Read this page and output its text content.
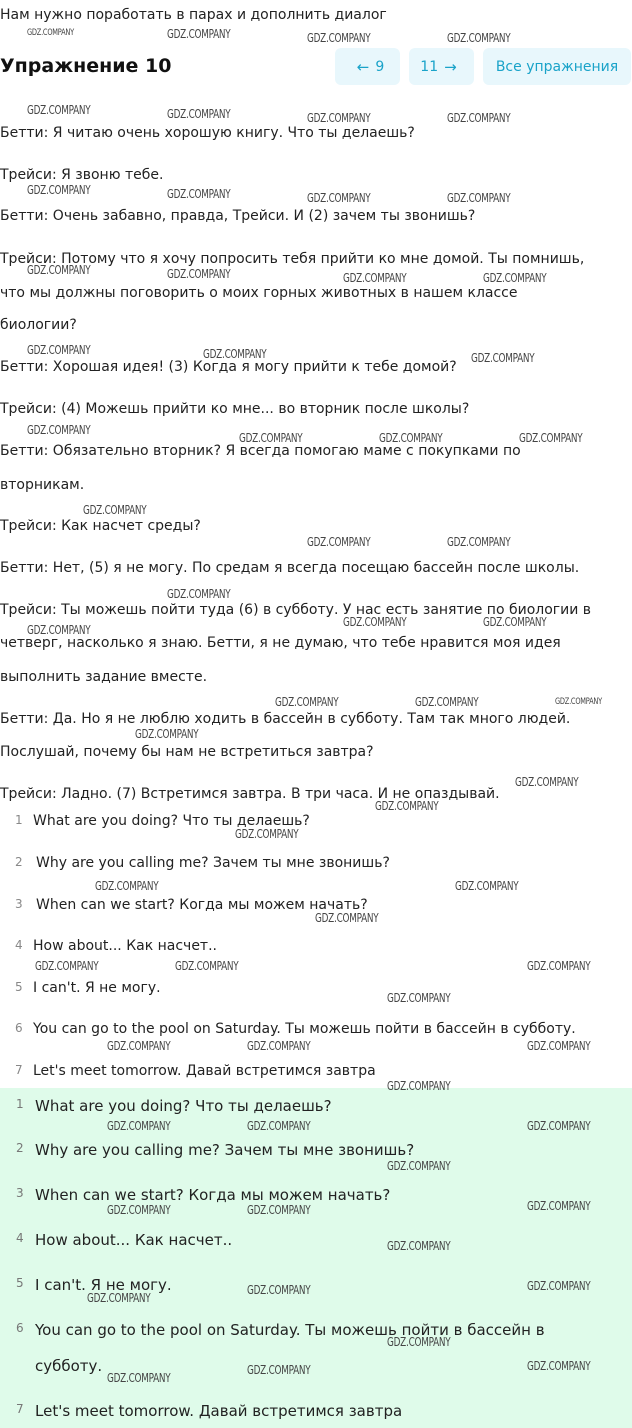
Нам нужно поработать в парах и дополнить диалог
Упражнение 10	← 9	11 →	Все упражнения
Бетти: Я читаю очень хорошую книгу. Что ты делаешь?
Трейси: Я звоню тебе.
Бетти: Очень забавно, правда, Трейси. И (2) зачем ты звонишь?
Трейси: Потому что я хочу попросить тебя прийти ко мне домой. Ты помнишь,
что мы должны поговорить о моих горных животных в нашем классе
биологии?
Бетти: Хорошая идея! (3) Когда я могу прийти к тебе домой?
Трейси: (4) Можешь прийти ко мне... во вторник после школы?
Бетти: Обязательно вторник? Я всегда помогаю маме с покупками по
вторникам.
Трейси: Как насчет среды?
Бетти: Нет, (5) я не могу. По средам я всегда посещаю бассейн после школы.
Трейси: Ты можешь пойти туда (6) в субботу. У нас есть занятие по биологии в
четверг, насколько я знаю. Бетти, я не думаю, что тебе нравится моя идея
выполнить задание вместе.
Бетти: Да. Но я не люблю ходить в бассейн в субботу. Там так много людей.
Послушай, почему бы нам не встретиться завтра?
Трейси: Ладно. (7) Встретимся завтра. В три часа. И не опаздывай.
1 What are you doing? Что ты делаешь?
2 Why are you calling me? Зачем ты мне звонишь?
3 When can we start? Когда мы можем начать?
4 How about... Как насчет..
5 I can't. Я не могу.
6 You can go to the pool on Saturday. Ты можешь пойти в бассейн в субботу.
7 Let's meet tomorrow. Давай встретимся завтра
1 What are you doing? Что ты делаешь?
2 Why are you calling me? Зачем ты мне звонишь?
3 When can we start? Когда мы можем начать?
4 How about... Как насчет..
5 I can't. Я не могу.
6 You can go to the pool on Saturday. Ты можешь пойти в бассейн в
субботу.
7 Let's meet tomorrow. Давай встретимся завтра
GDZ.COMPANY	GDZ.COMPANY	GDZ.COMPANY	GDZ.COMPANY
GDZ.COMPANY	GDZ.COMPANY	GDZ.COMPANY	GDZ.COMPANY
GDZ.COMPANY	GDZ.COMPANY	GDZ.COMPANY	GDZ.COMPANY
GDZ.COMPANY	GDZ.COMPANY	GDZ.COMPANY	GDZ.COMPANY
GDZ.COMPANY	GDZ.COMPANY	GDZ.COMPANY
GDZ.COMPANY
GDZ.COMPANY	GDZ.COMPANY	GDZ.COMPANY
GDZ.COMPANY
GDZ.COMPANY	GDZ.COMPANY
GDZ.COMPANY
GDZ.COMPANY	GDZ.COMPANY
GDZ.COMPANY
GDZ.COMPANY	GDZ.COMPANY	GDZ.COMPANY
GDZ.COMPANY
GDZ.COMPANY
GDZ.COMPANY
GDZ.COMPANY
GDZ.COMPANY	GDZ.COMPANY
GDZ.COMPANY
GDZ.COMPANY	GDZ.COMPANY	GDZ.COMPANY
GDZ.COMPANY
GDZ.COMPANY	GDZ.COMPANY	GDZ.COMPANY
GDZ.COMPANY
GDZ.COMPANY	GDZ.COMPANY	GDZ.COMPANY
GDZ.COMPANY
GDZ.COMPANY	GDZ.COMPANY	GDZ.COMPANY
GDZ.COMPANY
GDZ.COMPANY
GDZ.COMPANY	GDZ.COMPANY
GDZ.COMPANY
GDZ.COMPANY
GDZ.COMPANY	GDZ.COMPANY
